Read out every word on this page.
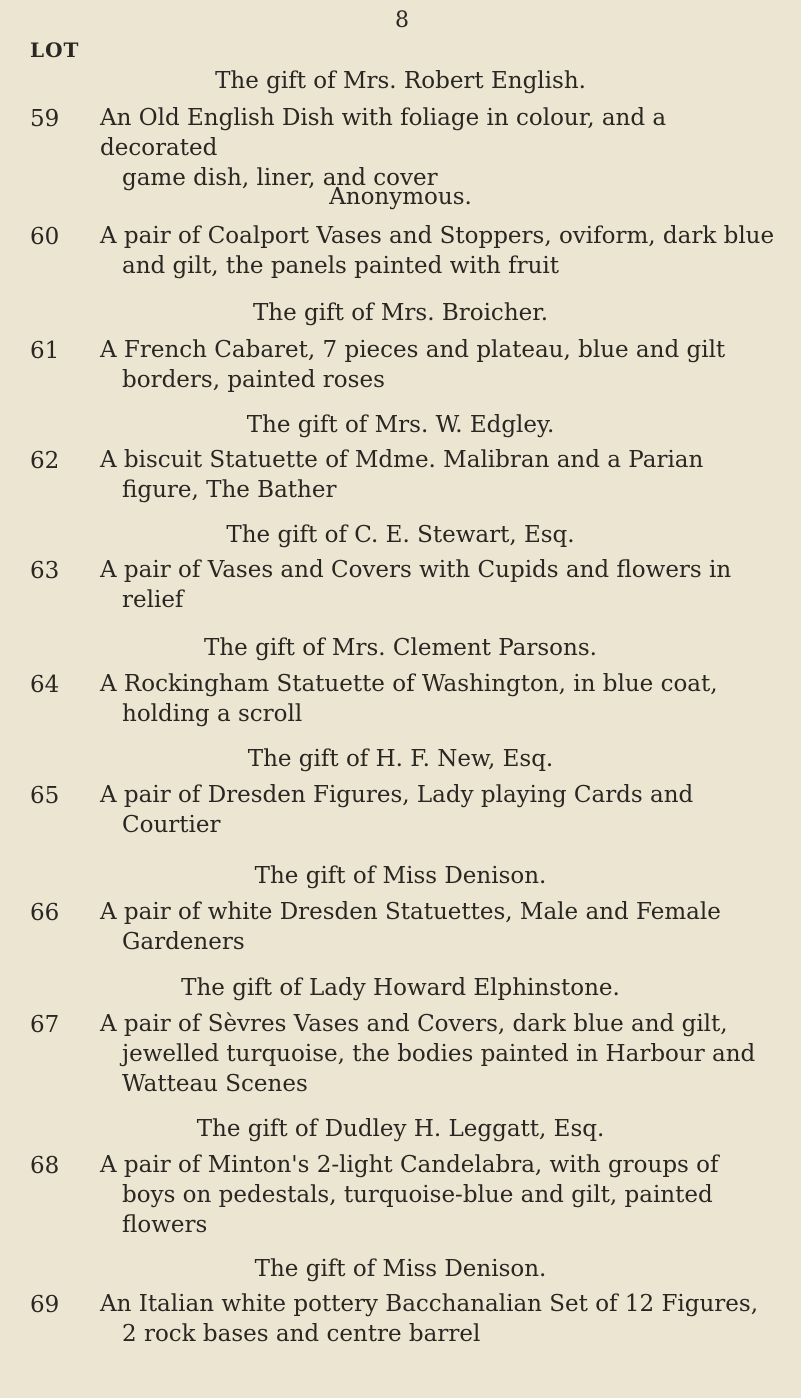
8
LOT
The gift of Mrs. Robert English.
59 An Old English Dish with foliage in colour, and a decorated
game dish, liner, and cover
Anonymous.
60 A pair of Coalport Vases and Stoppers, oviform, dark blue
and gilt, the panels painted with fruit
The gift of Mrs. Broicher.
61 A French Cabaret, 7 pieces and plateau, blue and gilt
borders, painted roses
The gift of Mrs. W. Edgley.
62 A biscuit Statuette of Mdme. Malibran and a Parian
figure, The Bather
The gift of C. E. Stewart, Esq.
63 A pair of Vases and Covers with Cupids and flowers in
relief
The gift of Mrs. Clement Parsons.
64 A Rockingham Statuette of Washington, in blue coat,
holding a scroll
The gift of H. F. New, Esq.
65 A pair of Dresden Figures, Lady playing Cards and
Courtier
The gift of Miss Denison.
66 A pair of white Dresden Statuettes, Male and Female
Gardeners
The gift of Lady Howard Elphinstone.
67 A pair of Sèvres Vases and Covers, dark blue and gilt,
jewelled turquoise, the bodies painted in Harbour and
Watteau Scenes
The gift of Dudley H. Leggatt, Esq.
68 A pair of Minton's 2-light Candelabra, with groups of
boys on pedestals, turquoise-blue and gilt, painted
flowers
The gift of Miss Denison.
69 An Italian white pottery Bacchanalian Set of 12 Figures,
2 rock bases and centre barrel
